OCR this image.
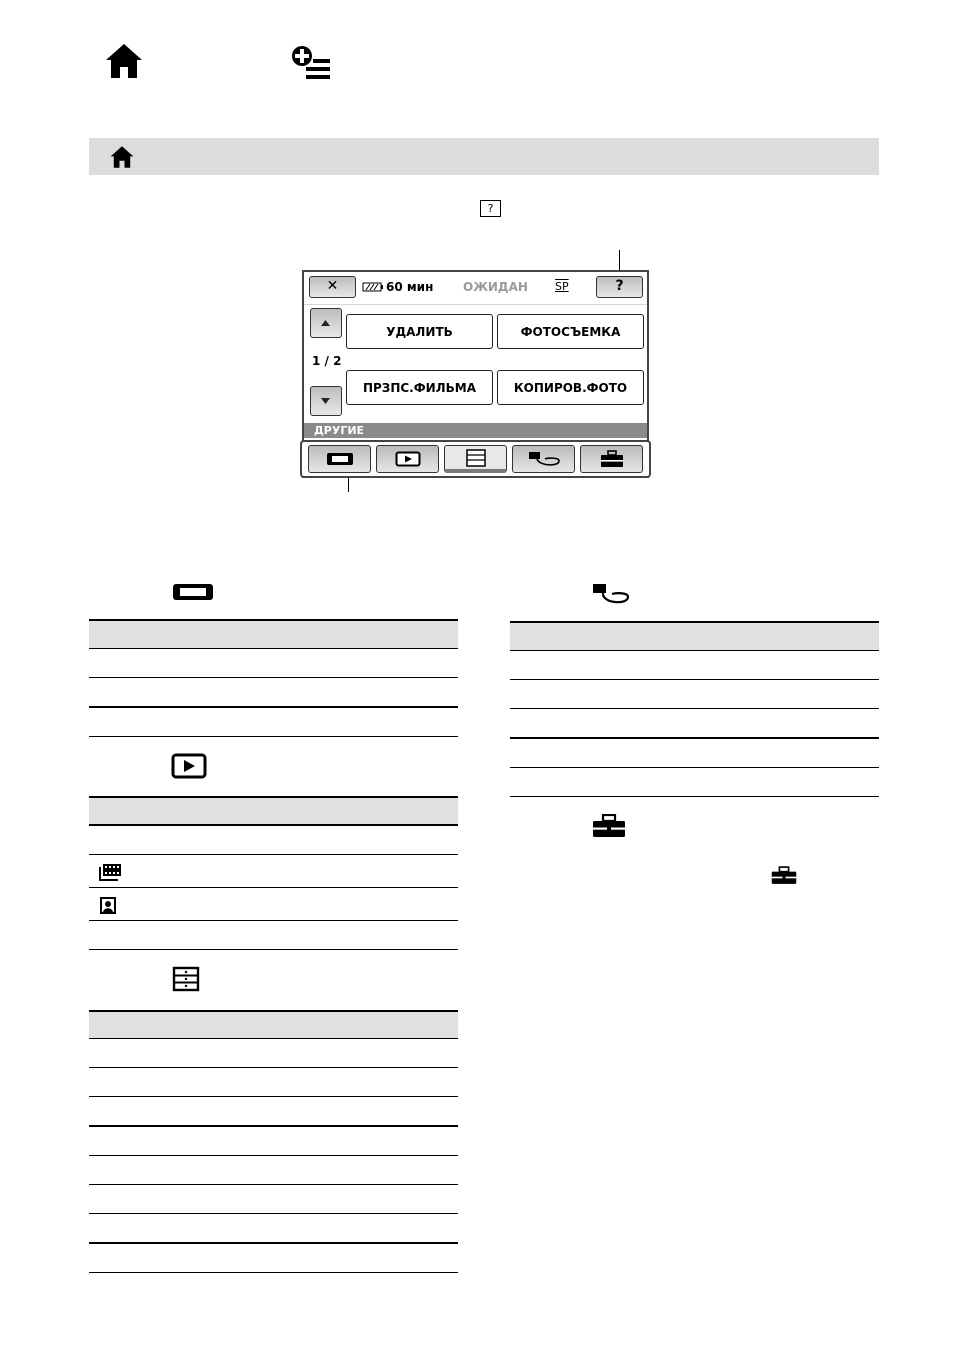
?
✕	60 мин ОЖИДАН SP	?
1 / 2
УДАЛИТЬ	ФОТОСЪЕМКА
ПРЗПС.ФИЛЬМА	КОПИРОВ.ФОТО
ДРУГИЕ
